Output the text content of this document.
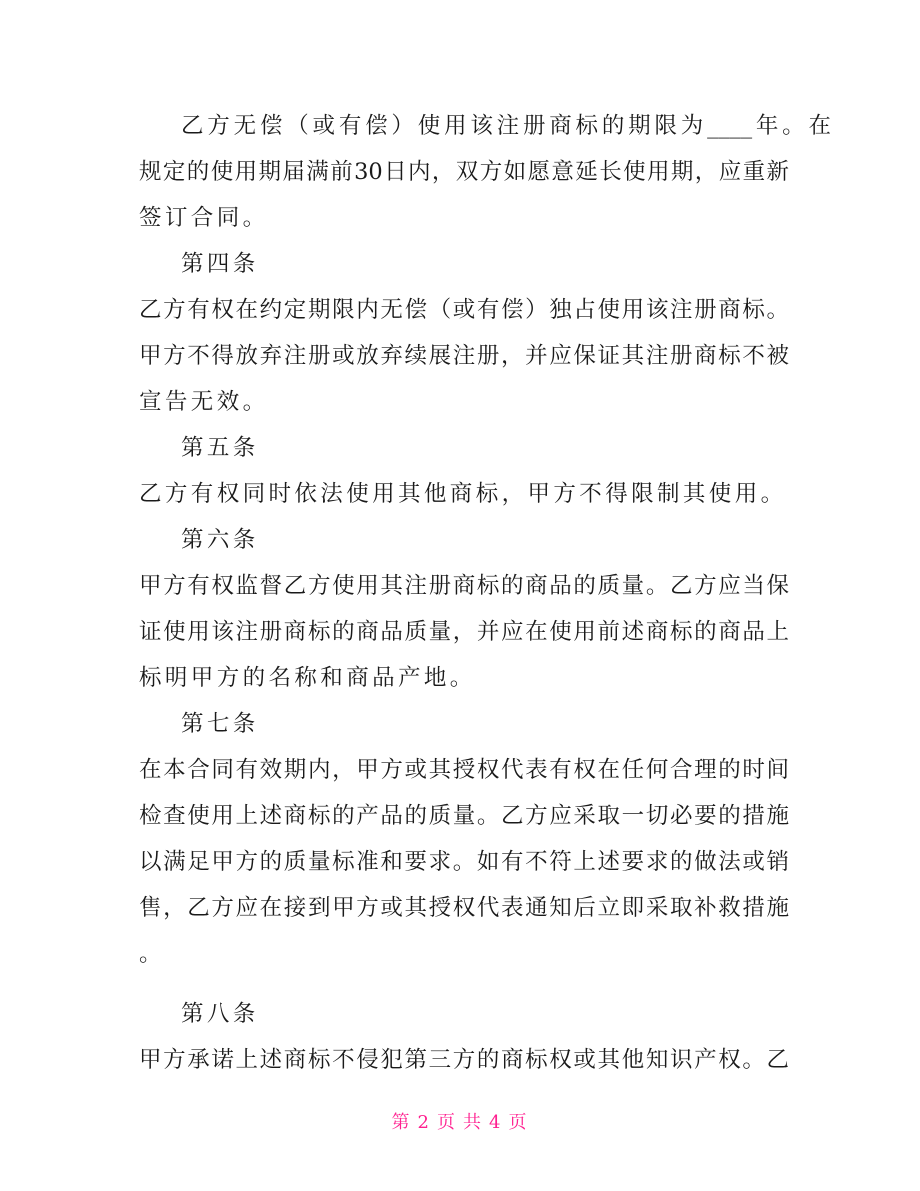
乙方无偿（或有偿）使用该注册商标的期限为____年。在
规定的使用期届满前30日内，双方如愿意延长使用期，应重新
签订合同。
第四条
乙方有权在约定期限内无偿（或有偿）独占使用该注册商标。
甲方不得放弃注册或放弃续展注册，并应保证其注册商标不被
宣告无效。
第五条
乙方有权同时依法使用其他商标，甲方不得限制其使用。
第六条
甲方有权监督乙方使用其注册商标的商品的质量。乙方应当保
证使用该注册商标的商品质量，并应在使用前述商标的商品上
标明甲方的名称和商品产地。
第七条
在本合同有效期内，甲方或其授权代表有权在任何合理的时间
检查使用上述商标的产品的质量。乙方应采取一切必要的措施
以满足甲方的质量标准和要求。如有不符上述要求的做法或销
售，乙方应在接到甲方或其授权代表通知后立即采取补救措施
。
第八条
甲方承诺上述商标不侵犯第三方的商标权或其他知识产权。乙
第 2 页 共 4 页
